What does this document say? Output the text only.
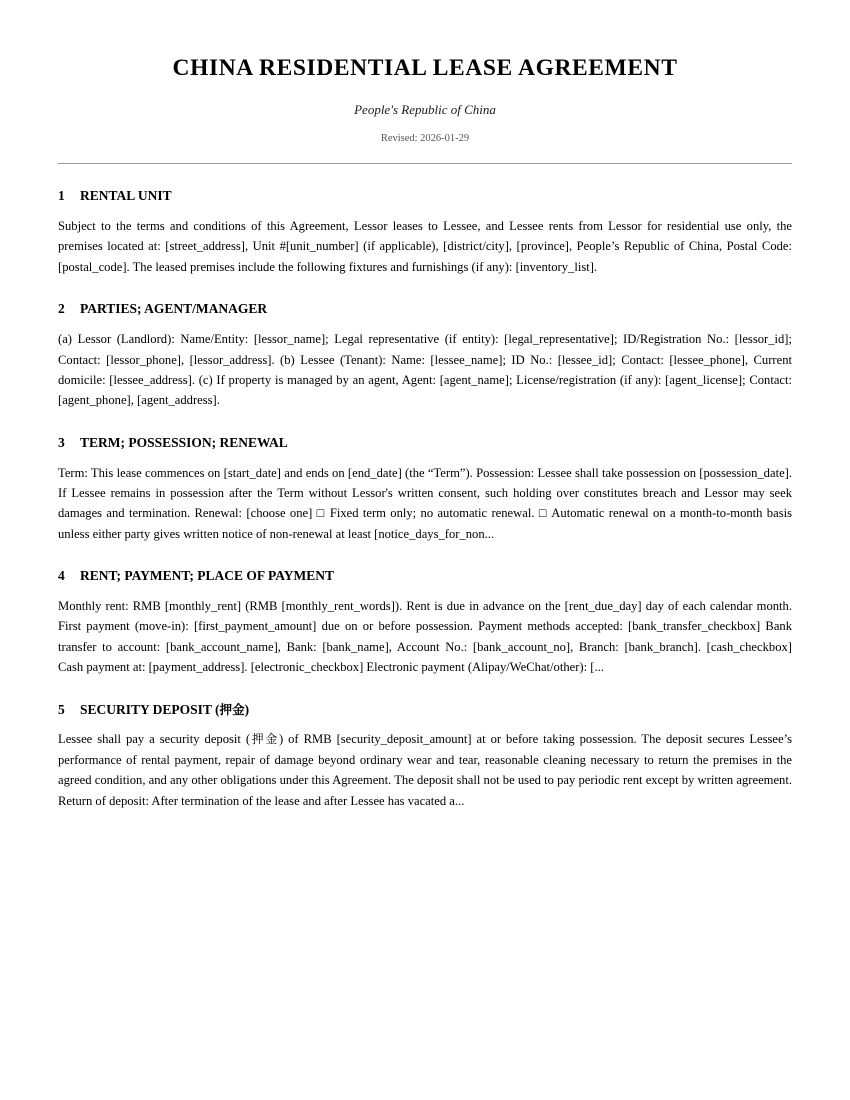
CHINA RESIDENTIAL LEASE AGREEMENT

People's Republic of China

Revised: 2026-01-29

1 RENTAL UNIT

Subject to the terms and conditions of this Agreement, Lessor leases to Lessee, and Lessee rents from Lessor for residential use only, the premises located at: [street_address], Unit #[unit_number] (if applicable), [district/city], [province], People’s Republic of China, Postal Code: [postal_code]. The leased premises include the following fixtures and furnishings (if any): [inventory_list].

2 PARTIES; AGENT/MANAGER

(a) Lessor (Landlord): Name/Entity: [lessor_name]; Legal representative (if entity): [legal_representative]; ID/Registration No.: [lessor_id]; Contact: [lessor_phone], [lessor_address]. (b) Lessee (Tenant): Name: [lessee_name]; ID No.: [lessee_id]; Contact: [lessee_phone], Current domicile: [lessee_address]. (c) If property is managed by an agent, Agent: [agent_name]; License/registration (if any): [agent_license]; Contact: [agent_phone], [agent_address].

3 TERM; POSSESSION; RENEWAL

Term: This lease commences on [start_date] and ends on [end_date] (the “Term”). Possession: Lessee shall take possession on [possession_date]. If Lessee remains in possession after the Term without Lessor's written consent, such holding over constitutes breach and Lessor may seek damages and termination. Renewal: [choose one] □ Fixed term only; no automatic renewal. □ Automatic renewal on a month-to-month basis unless either party gives written notice of non-renewal at least [notice_days_for_non...

4 RENT; PAYMENT; PLACE OF PAYMENT

Monthly rent: RMB [monthly_rent] (RMB [monthly_rent_words]). Rent is due in advance on the [rent_due_day] day of each calendar month. First payment (move-in): [first_payment_amount] due on or before possession. Payment methods accepted: [bank_transfer_checkbox] Bank transfer to account: [bank_account_name], Bank: [bank_name], Account No.: [bank_account_no], Branch: [bank_branch]. [cash_checkbox] Cash payment at: [payment_address]. [electronic_checkbox] Electronic payment (Alipay/WeChat/other): [...

5 SECURITY DEPOSIT (押金)

Lessee shall pay a security deposit (押金) of RMB [security_deposit_amount] at or before taking possession. The deposit secures Lessee’s performance of rental payment, repair of damage beyond ordinary wear and tear, reasonable cleaning necessary to return the premises in the agreed condition, and any other obligations under this Agreement. The deposit shall not be used to pay periodic rent except by written agreement. Return of deposit: After termination of the lease and after Lessee has vacated a...
